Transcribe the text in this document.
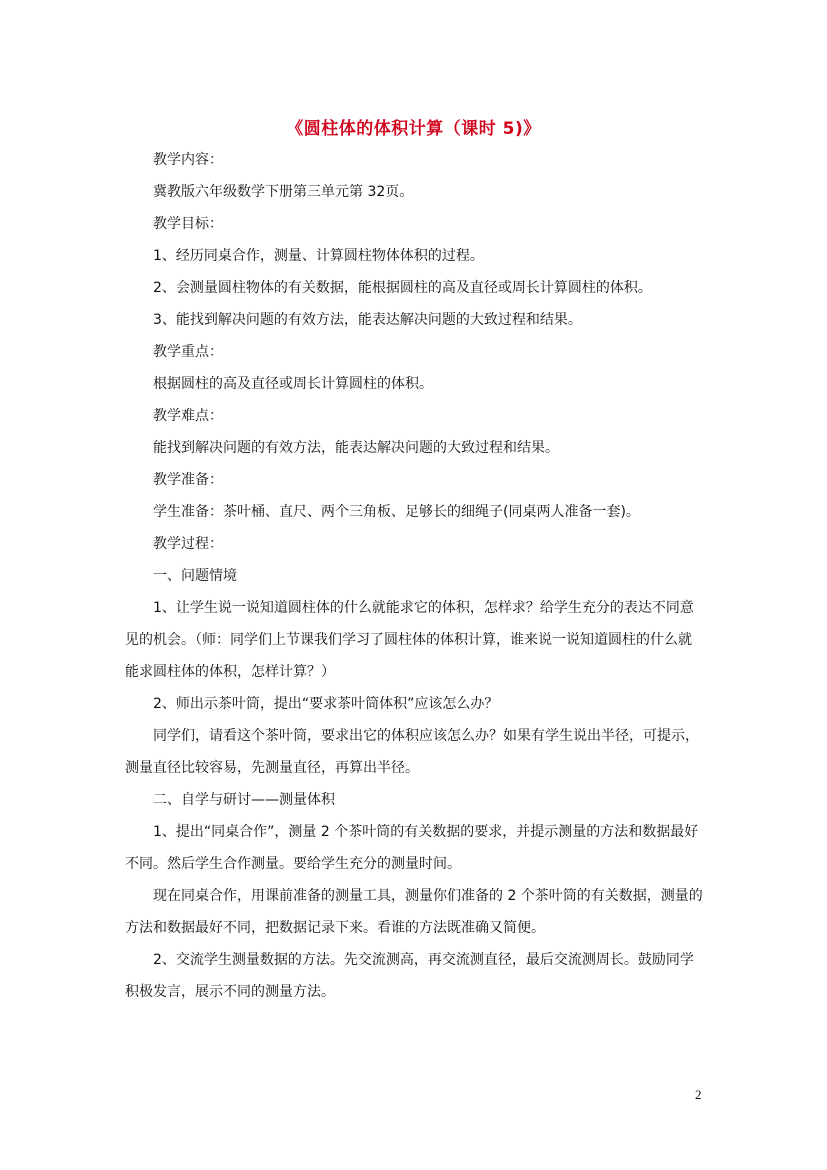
《圆柱体的体积计算（课时 5)》

教学内容：

冀教版六年级数学下册第三单元第 32页。

教学目标：

1、经历同桌合作，测量、计算圆柱物体体积的过程。

2、会测量圆柱物体的有关数据，能根据圆柱的高及直径或周长计算圆柱的体积。

3、能找到解决问题的有效方法，能表达解决问题的大致过程和结果。

教学重点：

根据圆柱的高及直径或周长计算圆柱的体积。

教学难点：

能找到解决问题的有效方法，能表达解决问题的大致过程和结果。

教学准备：

学生准备：茶叶桶、直尺、两个三角板、足够长的细绳子(同桌两人准备一套)。

教学过程：

一、问题情境

1、让学生说一说知道圆柱体的什么就能求它的体积，怎样求？给学生充分的表达不同意见的机会。（师：同学们上节课我们学习了圆柱体的体积计算，谁来说一说知道圆柱的什么就能求圆柱体的体积，怎样计算？）

2、师出示茶叶筒，提出“要求茶叶筒体积”应该怎么办？

同学们，请看这个茶叶筒，要求出它的体积应该怎么办？如果有学生说出半径，可提示，测量直径比较容易，先测量直径，再算出半径。

二、自学与研讨——测量体积

1、提出“同桌合作”，测量 2 个茶叶筒的有关数据的要求，并提示测量的方法和数据最好不同。然后学生合作测量。要给学生充分的测量时间。

现在同桌合作，用课前准备的测量工具，测量你们准备的 2 个茶叶筒的有关数据，测量的方法和数据最好不同，把数据记录下来。看谁的方法既准确又简便。

2、交流学生测量数据的方法。先交流测高，再交流测直径，最后交流测周长。鼓励同学积极发言，展示不同的测量方法。

2
